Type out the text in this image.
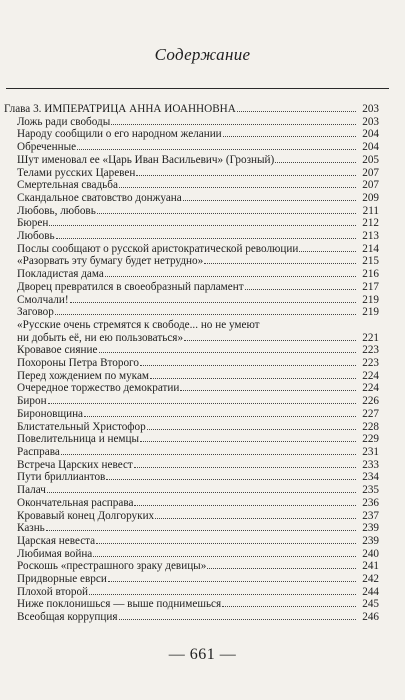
Содержание
Глава 3. ИМПЕРАТРИЦА АННА ИОАННОВНА	203
Ложь ради свободы	203
Народу сообщили о его народном желании	204
Обреченные	204
Шут именовал ее «Царь Иван Васильевич» (Грозный)	205
Телами русских Царевен	207
Смертельная свадьба	207
Скандальное сватовство донжуана	209
Любовь, любовь	211
Бюрен	212
Любовь	213
Послы сообщают о русской аристократической революции	214
«Разорвать эту бумагу будет нетрудно»	215
Покладистая дама	216
Дворец превратился в своеобразный парламент	217
Смолчали!	219
Заговор	219
«Русские очень стремятся к свободе... но не умеют
ни добыть её, ни ею пользоваться»	221
Кровавое сияние	223
Похороны Петра Второго	223
Перед хождением по мукам	224
Очередное торжество демократии	224
Бирон	226
Бироновщина	227
Блистательный Христофор	228
Повелительница и немцы	229
Расправа	231
Встреча Царских невест	233
Пути бриллиантов	234
Палач	235
Окончательная расправа	236
Кровавый конец Долгоруких	237
Казнь	239
Царская невеста	239
Любимая война	240
Роскошь «престрашного зраку девицы»	241
Придворные еврси	242
Плохой второй	244
Ниже поклонишься — выше поднимешься	245
Всеобщая коррупция	246
— 661 —
